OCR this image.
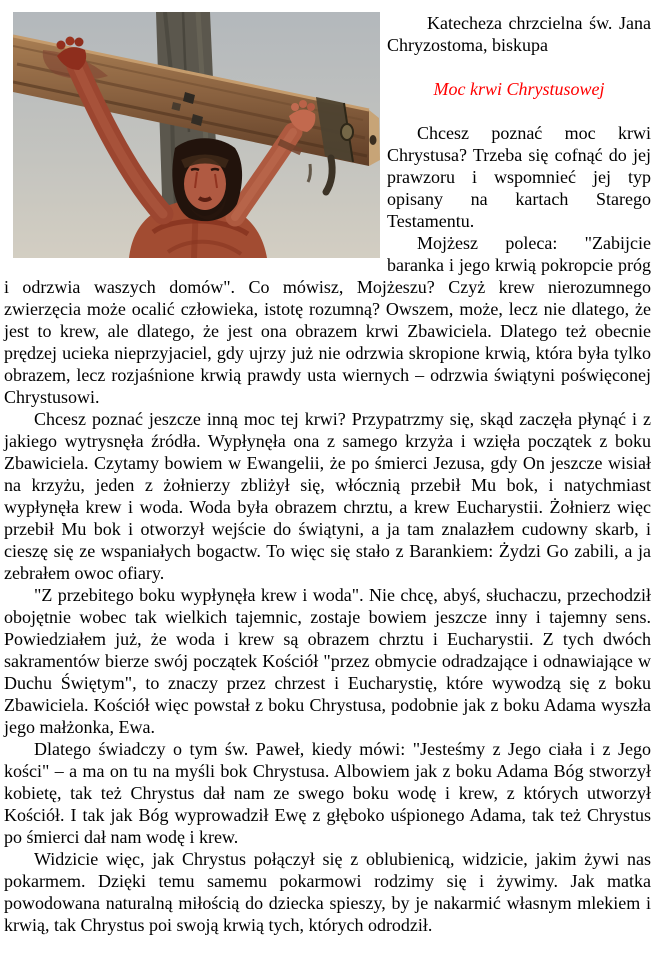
Katecheza chrzcielna św. Jana Chryzostoma, biskupa

Moc krwi Chrystusowej

Chcesz poznać moc krwi Chrystusa? Trzeba się cofnąć do jej prawzoru i wspomnieć jej typ opisany na kartach Starego Testamentu.

Mojżesz poleca: "Zabijcie baranka i jego krwią pokropcie próg i odrzwia waszych domów". Co mówisz, Mojżeszu? Czyż krew nierozumnego zwierzęcia może ocalić człowieka, istotę rozumną? Owszem, może, lecz nie dlatego, że jest to krew, ale dlatego, że jest ona obrazem krwi Zbawiciela. Dlatego też obecnie prędzej ucieka nieprzyjaciel, gdy ujrzy już nie odrzwia skropione krwią, która była tylko obrazem, lecz rozjaśnione krwią prawdy usta wiernych – odrzwia świątyni poświęconej Chrystusowi.

Chcesz poznać jeszcze inną moc tej krwi? Przypatrzmy się, skąd zaczęła płynąć i z jakiego wytrysnęła źródła. Wypłynęła ona z samego krzyża i wzięła początek z boku Zbawiciela. Czytamy bowiem w Ewangelii, że po śmierci Jezusa, gdy On jeszcze wisiał na krzyżu, jeden z żołnierzy zbliżył się, włócznią przebił Mu bok, i natychmiast wypłynęła krew i woda. Woda była obrazem chrztu, a krew Eucharystii. Żołnierz więc przebił Mu bok i otworzył wejście do świątyni, a ja tam znalazłem cudowny skarb, i cieszę się ze wspaniałych bogactw. To więc się stało z Barankiem: Żydzi Go zabili, a ja zebrałem owoc ofiary.

"Z przebitego boku wypłynęła krew i woda". Nie chcę, abyś, słuchaczu, przechodził obojętnie wobec tak wielkich tajemnic, zostaje bowiem jeszcze inny i tajemny sens. Powiedziałem już, że woda i krew są obrazem chrztu i Eucharystii. Z tych dwóch sakramentów bierze swój początek Kościół "przez obmycie odradzające i odnawiające w Duchu Świętym", to znaczy przez chrzest i Eucharystię, które wywodzą się z boku Zbawiciela. Kościół więc powstał z boku Chrystusa, podobnie jak z boku Adama wyszła jego małżonka, Ewa.

Dlatego świadczy o tym św. Paweł, kiedy mówi: "Jesteśmy z Jego ciała i z Jego kości" – a ma on tu na myśli bok Chrystusa. Albowiem jak z boku Adama Bóg stworzył kobietę, tak też Chrystus dał nam ze swego boku wodę i krew, z których utworzył Kościół. I tak jak Bóg wyprowadził Ewę z głęboko uśpionego Adama, tak też Chrystus po śmierci dał nam wodę i krew.

Widzicie więc, jak Chrystus połączył się z oblubienicą, widzicie, jakim żywi nas pokarmem. Dzięki temu samemu pokarmowi rodzimy się i żywimy. Jak matka powodowana naturalną miłością do dziecka spieszy, by je nakarmić własnym mlekiem i krwią, tak Chrystus poi swoją krwią tych, których odrodził.
